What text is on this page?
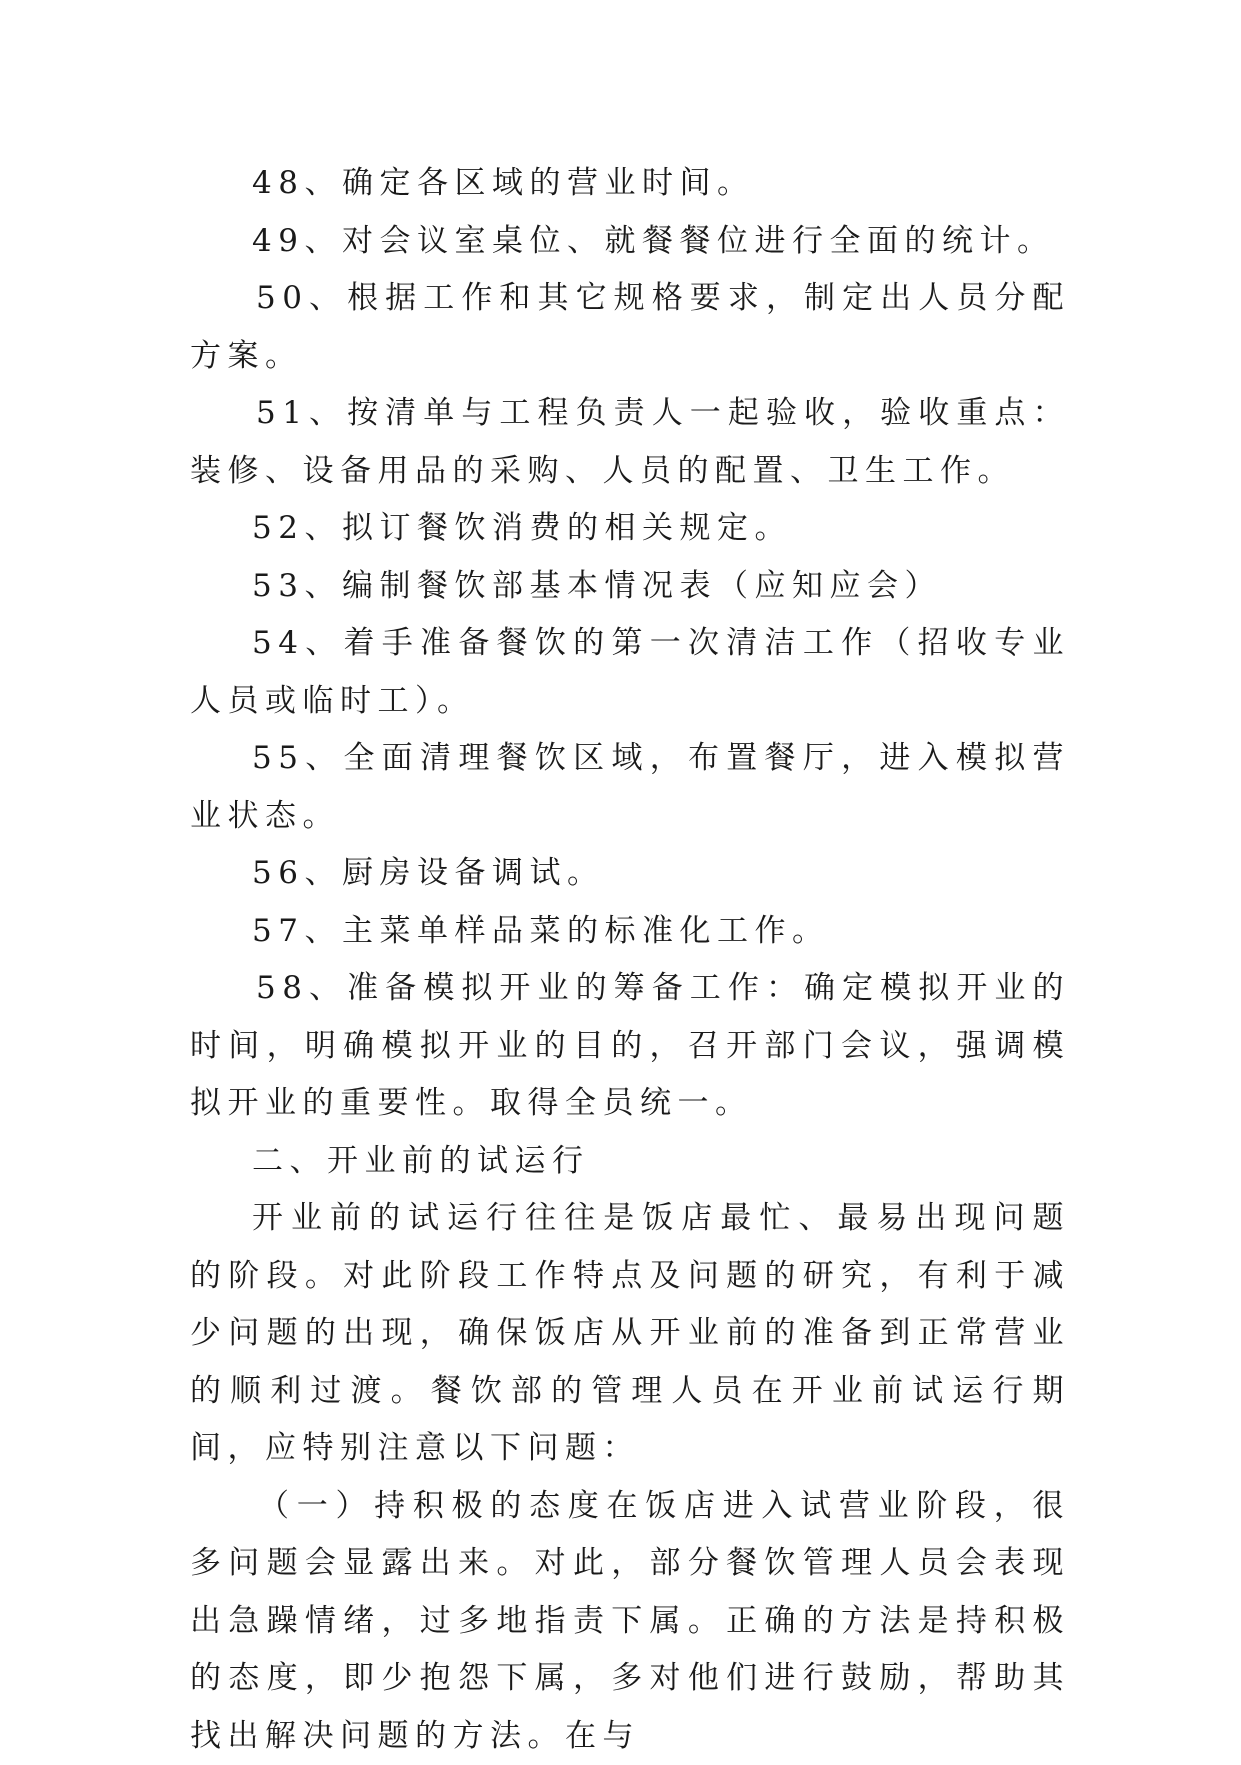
48、确定各区域的营业时间。

49、对会议室桌位、就餐餐位进行全面的统计。

50、根据工作和其它规格要求，制定出人员分配方案。

51、按清单与工程负责人一起验收，验收重点：装修、设备用品的采购、人员的配置、卫生工作。

52、拟订餐饮消费的相关规定。

53、编制餐饮部基本情况表（应知应会）

54、着手准备餐饮的第一次清洁工作（招收专业人员或临时工）。

55、全面清理餐饮区域，布置餐厅，进入模拟营业状态。

56、厨房设备调试。

57、主菜单样品菜的标准化工作。

58、准备模拟开业的筹备工作：确定模拟开业的时间，明确模拟开业的目的，召开部门会议，强调模拟开业的重要性。取得全员统一。

二、开业前的试运行

开业前的试运行往往是饭店最忙、最易出现问题的阶段。对此阶段工作特点及问题的研究，有利于减少问题的出现，确保饭店从开业前的准备到正常营业的顺利过渡。餐饮部的管理人员在开业前试运行期间，应特别注意以下问题：

（一）持积极的态度在饭店进入试营业阶段，很多问题会显露出来。对此，部分餐饮管理人员会表现出急躁情绪，过多地指责下属。正确的方法是持积极的态度，即少抱怨下属，多对他们进行鼓励，帮助其找出解决问题的方法。在与
